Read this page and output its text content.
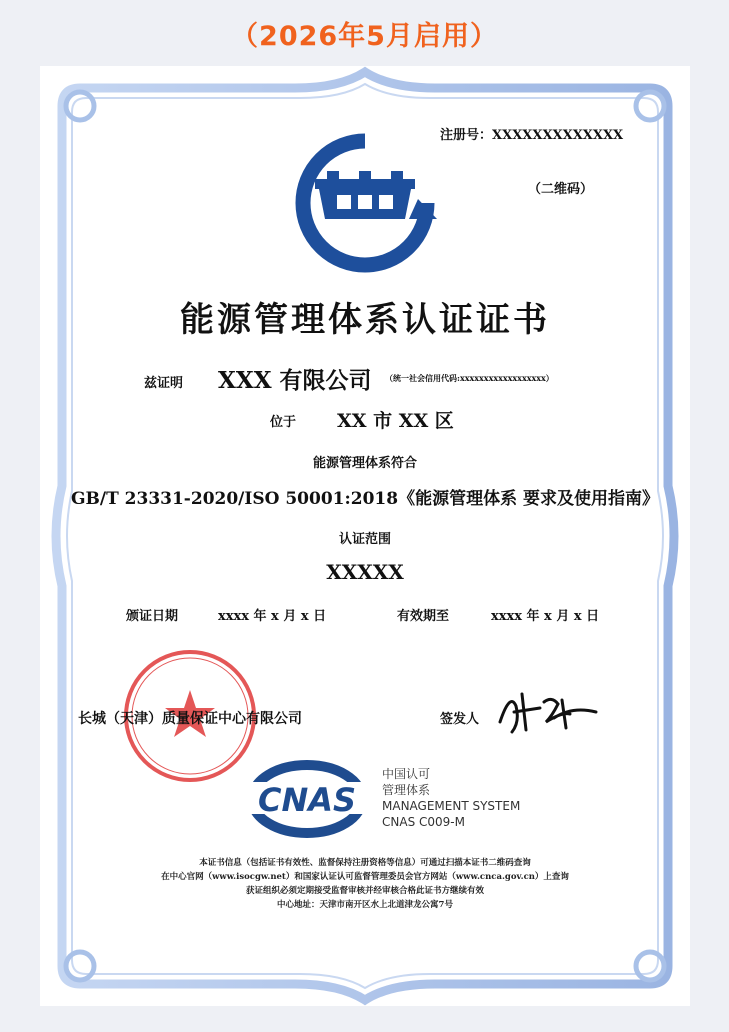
（2026年5月启用）
注册号：XXXXXXXXXXXXX
（二维码）
能源管理体系认证证书
兹证明 XXX 有限公司 （统一社会信用代码:xxxxxxxxxxxxxxxxxx）
位于 XX 市 XX 区
能源管理体系符合
GB/T 23331-2020/ISO 50001:2018《能源管理体系 要求及使用指南》
认证范围
XXXXX
颁证日期	xxxx 年 x 月 x 日	有效期至	xxxx 年 x 月 x 日
长城（天津）质量保证中心有限公司	签发人
CNAS
中国认可
管理体系
MANAGEMENT SYSTEM
CNAS C009-M
本证书信息（包括证书有效性、监督保持注册资格等信息）可通过扫描本证书二维码查询
在中心官网（www.isocgw.net）和国家认证认可监督管理委员会官方网站（www.cnca.gov.cn）上查询
获证组织必须定期接受监督审核并经审核合格此证书方继续有效
中心地址：天津市南开区水上北道津龙公寓7号
